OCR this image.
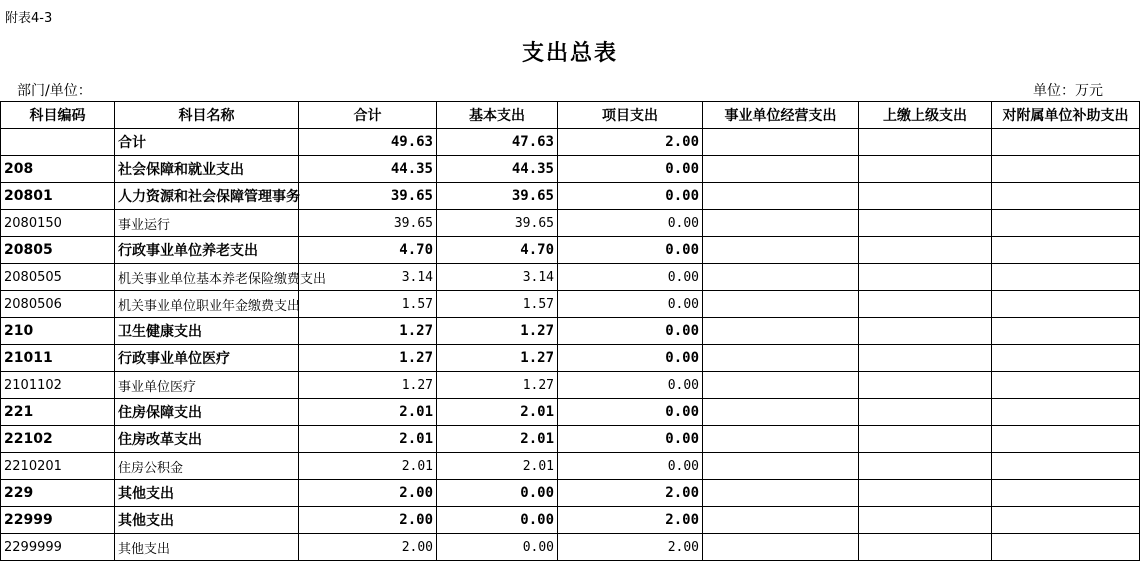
附表4-3
支出总表
部门/单位：	单位：万元
科目编码	科目名称	合计	基本支出	项目支出	事业单位经营支出	上缴上级支出	对附属单位补助支出
	合计	49.63	47.63	2.00			
208	社会保障和就业支出	44.35	44.35	0.00			
20801	人力资源和社会保障管理事务	39.65	39.65	0.00			
2080150	事业运行	39.65	39.65	0.00			
20805	行政事业单位养老支出	4.70	4.70	0.00			
2080505	机关事业单位基本养老保险缴费支出	3.14	3.14	0.00			
2080506	机关事业单位职业年金缴费支出	1.57	1.57	0.00			
210	卫生健康支出	1.27	1.27	0.00			
21011	行政事业单位医疗	1.27	1.27	0.00			
2101102	事业单位医疗	1.27	1.27	0.00			
221	住房保障支出	2.01	2.01	0.00			
22102	住房改革支出	2.01	2.01	0.00			
2210201	住房公积金	2.01	2.01	0.00			
229	其他支出	2.00	0.00	2.00			
22999	其他支出	2.00	0.00	2.00			
2299999	其他支出	2.00	0.00	2.00			
